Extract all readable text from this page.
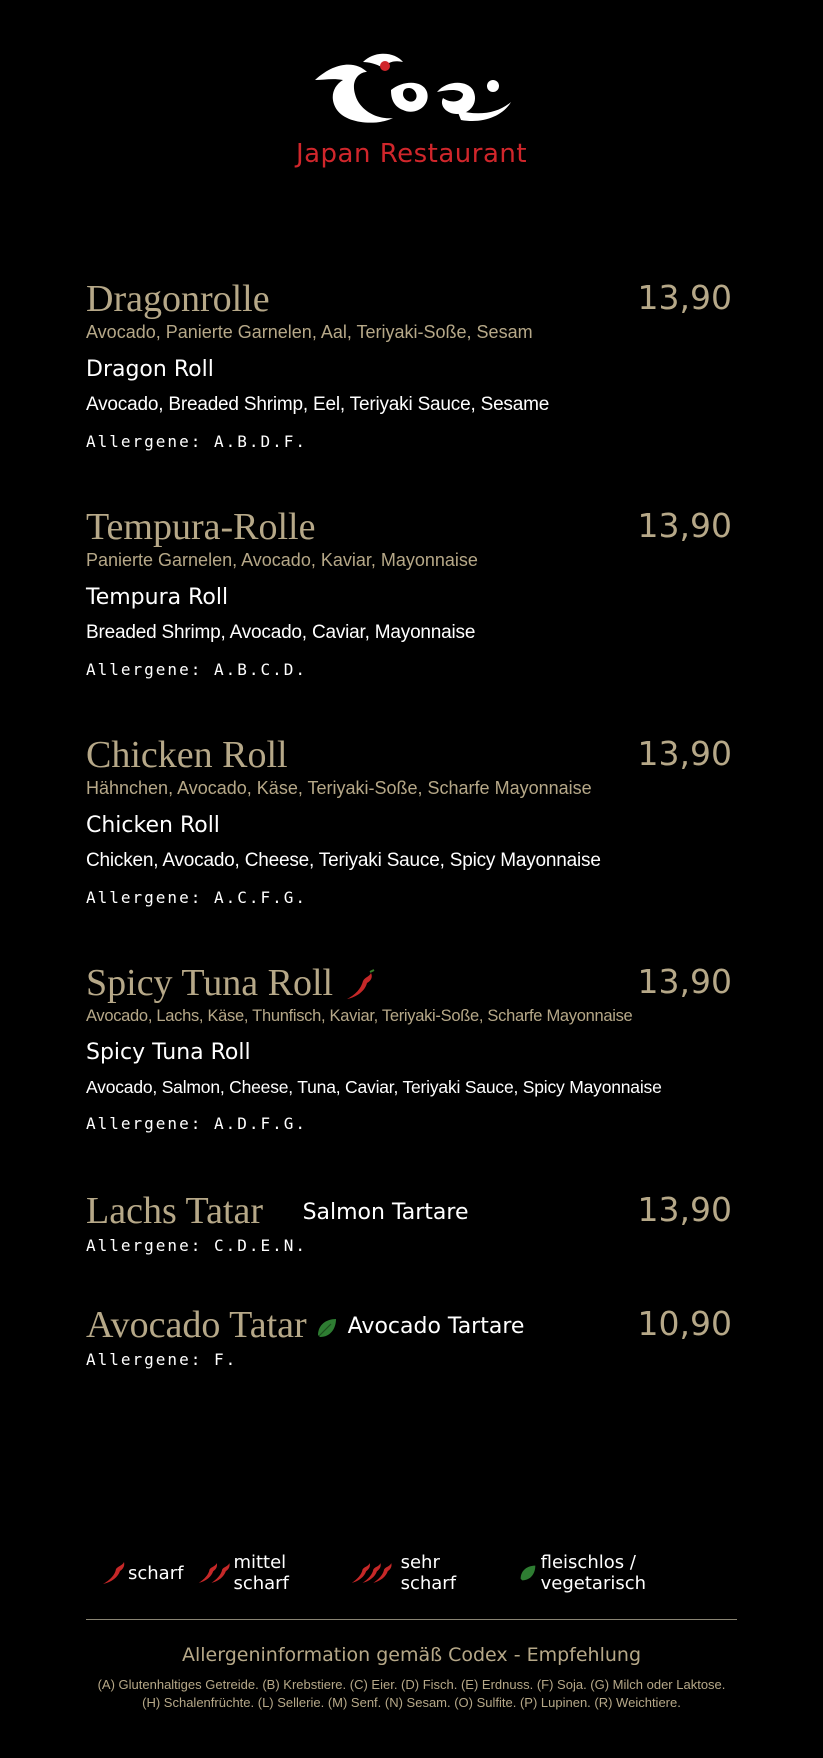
Japan Restaurant
Dragonrolle	13,90
Avocado, Panierte Garnelen, Aal, Teriyaki-Soße, Sesam
Dragon Roll
Avocado, Breaded Shrimp, Eel, Teriyaki Sauce, Sesame
Allergene: A.B.D.F.
Tempura-Rolle	13,90
Panierte Garnelen, Avocado, Kaviar, Mayonnaise
Tempura Roll
Breaded Shrimp, Avocado, Caviar, Mayonnaise
Allergene: A.B.C.D.
Chicken Roll	13,90
Hähnchen, Avocado, Käse, Teriyaki-Soße, Scharfe Mayonnaise
Chicken Roll
Chicken, Avocado, Cheese, Teriyaki Sauce, Spicy Mayonnaise
Allergene: A.C.F.G.
Spicy Tuna Roll	13,90
Avocado, Lachs, Käse, Thunfisch, Kaviar, Teriyaki-Soße, Scharfe Mayonnaise
Spicy Tuna Roll
Avocado, Salmon, Cheese, Tuna, Caviar, Teriyaki Sauce, Spicy Mayonnaise
Allergene: A.D.F.G.
Lachs Tatar Salmon Tartare	13,90
Allergene: C.D.E.N.
Avocado Tatar Avocado Tartare	10,90
Allergene: F.
scharf	mittel scharf
sehr scharf
fleischlos / vegetarisch
Allergeninformation gemäß Codex - Empfehlung
(A) Glutenhaltiges Getreide. (B) Krebstiere. (C) Eier. (D) Fisch. (E) Erdnuss. (F) Soja. (G) Milch oder Laktose.
(H) Schalenfrüchte. (L) Sellerie. (M) Senf. (N) Sesam. (O) Sulfite. (P) Lupinen. (R) Weichtiere.
